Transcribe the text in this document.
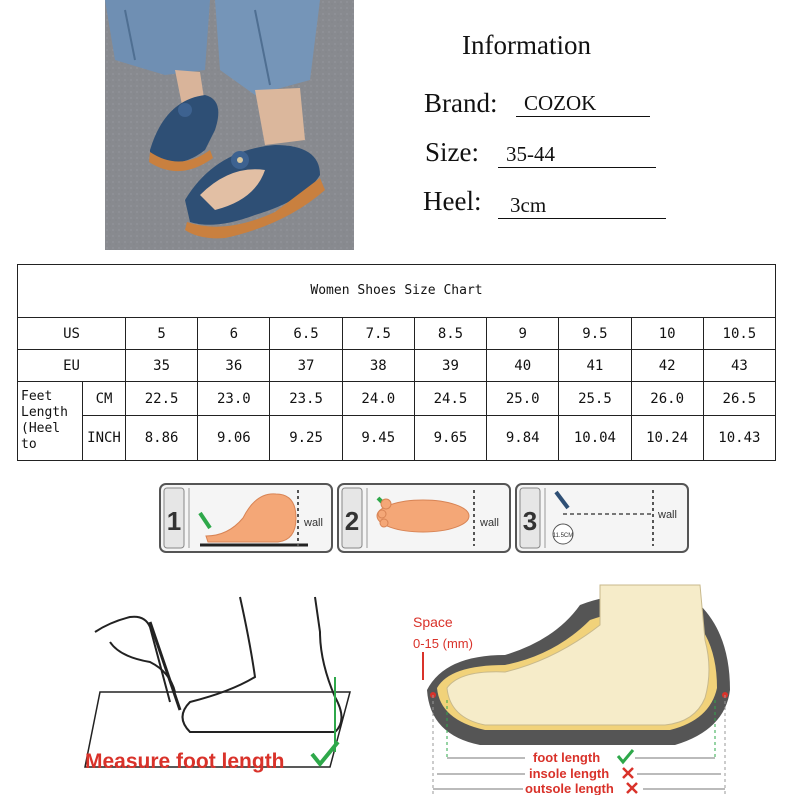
Information
Brand:	COZOK
Size:	35-44
Heel:	3cm
Women Shoes Size Chart										
US		5	6	6.5	7.5	8.5	9	9.5	10	10.5
EU		35	36	37	38	39	40	41	42	43
Feet Length (Heel to	CM	22.5	23.0	23.5	24.0	24.5	25.0	25.5	26.0	26.5
	INCH	8.86	9.06	9.25	9.45	9.65	9.84	10.04	10.24	10.43
1	wall 2	wall 3	11.5CM
wall
Measure foot length
Space
0-15 (mm)
foot length
insole length
outsole length
